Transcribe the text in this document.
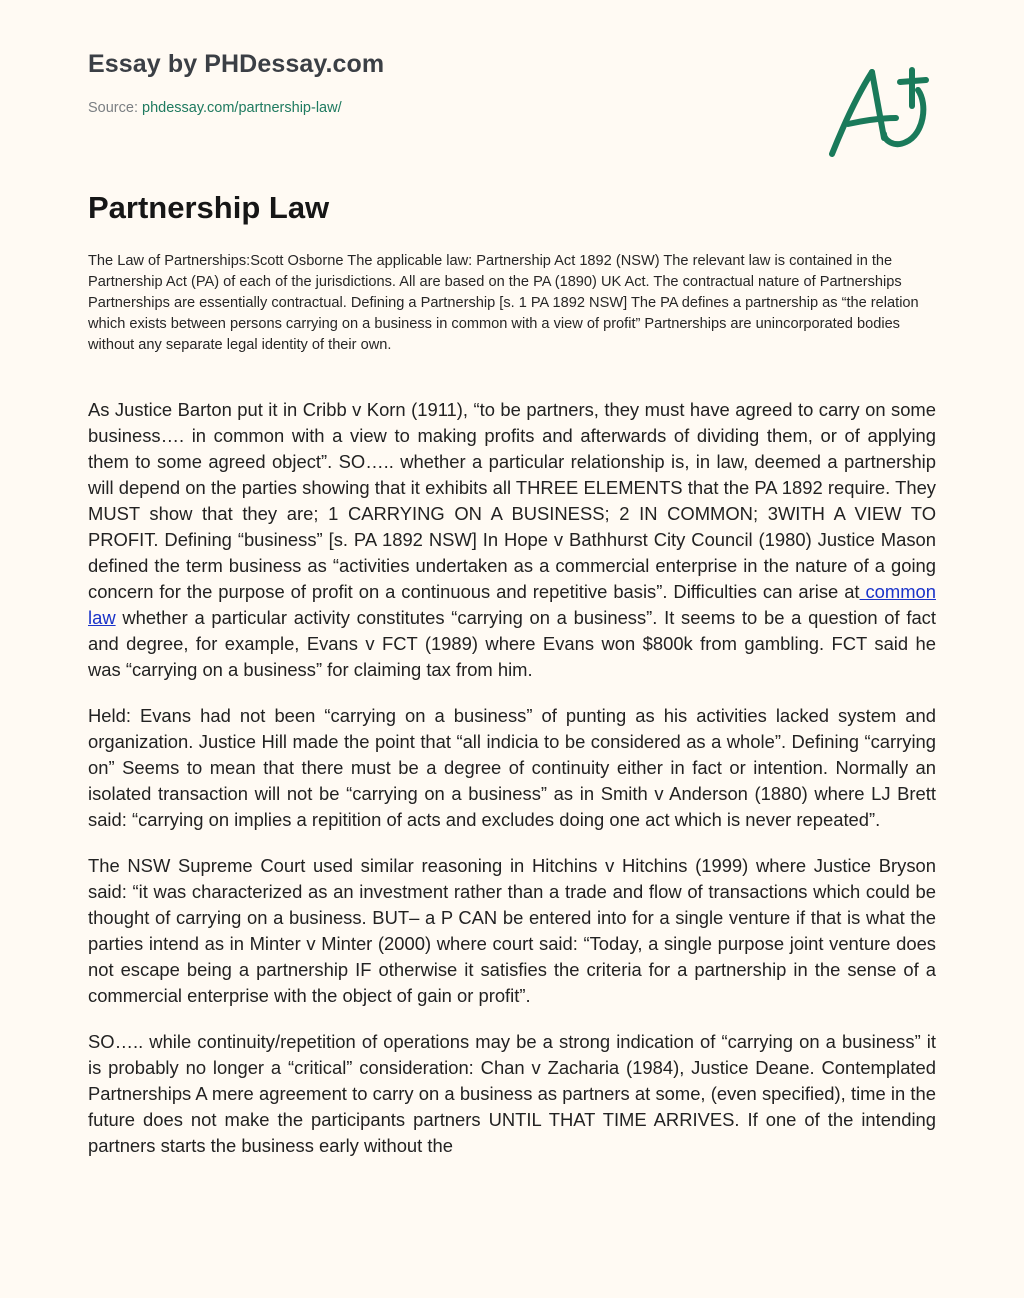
Essay by PHDessay.com
Source: phdessay.com/partnership-law/
Partnership Law

The Law of Partnerships:Scott Osborne The applicable law: Partnership Act 1892 (NSW) The relevant law is contained in the Partnership Act (PA) of each of the jurisdictions. All are based on the PA (1890) UK Act. The contractual nature of Partnerships Partnerships are essentially contractual. Defining a Partnership [s. 1 PA 1892 NSW] The PA defines a partnership as “the relation which exists between persons carrying on a business in common with a view of profit” Partnerships are unincorporated bodies without any separate legal identity of their own.

As Justice Barton put it in Cribb v Korn (1911), “to be partners, they must have agreed to carry on some business…. in common with a view to making profits and afterwards of dividing them, or of applying them to some agreed object”. SO….. whether a particular relationship is, in law, deemed a partnership will depend on the parties showing that it exhibits all THREE ELEMENTS that the PA 1892 require. They MUST show that they are; 1 CARRYING ON A BUSINESS; 2 IN COMMON; 3WITH A VIEW TO PROFIT. Defining “business” [s. PA 1892 NSW] In Hope v Bathhurst City Council (1980) Justice Mason defined the term business as “activities undertaken as a commercial enterprise in the nature of a going concern for the purpose of profit on a continuous and repetitive basis”. Difficulties can arise at common law whether a particular activity constitutes “carrying on a business”. It seems to be a question of fact and degree, for example, Evans v FCT (1989) where Evans won $800k from gambling. FCT said he was “carrying on a business” for claiming tax from him.

Held: Evans had not been “carrying on a business” of punting as his activities lacked system and organization. Justice Hill made the point that “all indicia to be considered as a whole”. Defining “carrying on” Seems to mean that there must be a degree of continuity either in fact or intention. Normally an isolated transaction will not be “carrying on a business” as in Smith v Anderson (1880) where LJ Brett said: “carrying on implies a repitition of acts and excludes doing one act which is never repeated”.

The NSW Supreme Court used similar reasoning in Hitchins v Hitchins (1999) where Justice Bryson said: “it was characterized as an investment rather than a trade and flow of transactions which could be thought of carrying on a business. BUT– a P CAN be entered into for a single venture if that is what the parties intend as in Minter v Minter (2000) where court said: “Today, a single purpose joint venture does not escape being a partnership IF otherwise it satisfies the criteria for a partnership in the sense of a commercial enterprise with the object of gain or profit”.

SO….. while continuity/repetition of operations may be a strong indication of “carrying on a business” it is probably no longer a “critical” consideration: Chan v Zacharia (1984), Justice Deane. Contemplated Partnerships A mere agreement to carry on a business as partners at some, (even specified), time in the future does not make the participants partners UNTIL THAT TIME ARRIVES. If one of the intending partners starts the business early without the
